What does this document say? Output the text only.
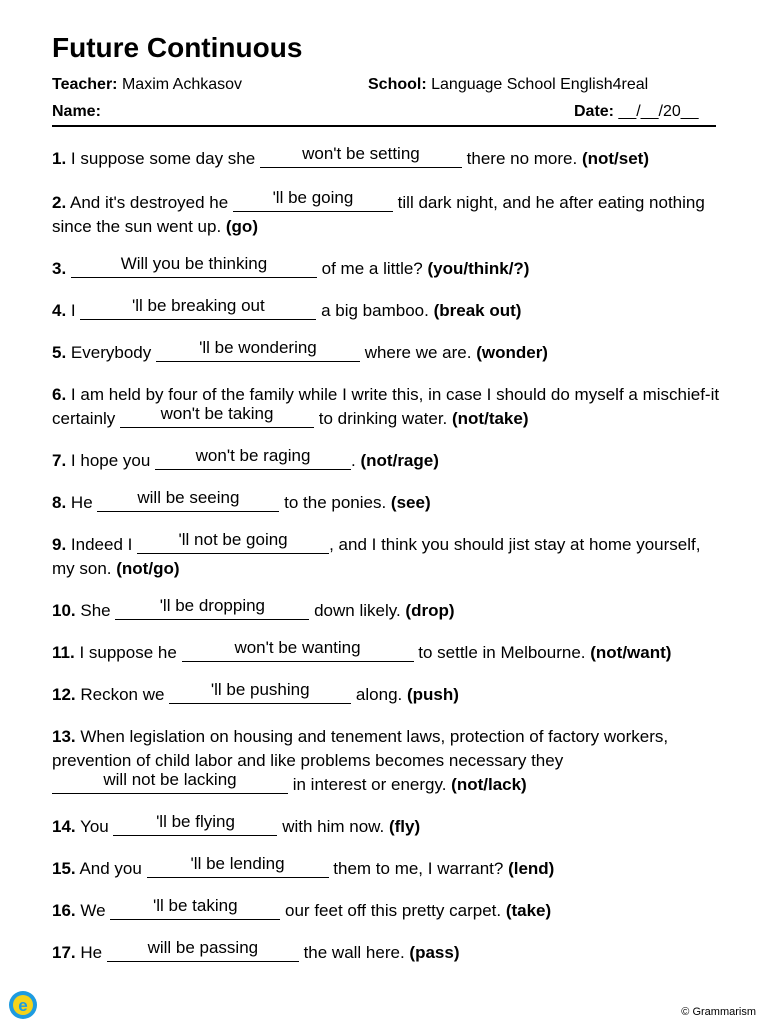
Future Continuous
Teacher: Maxim Achkasov	School: Language School English4real
Name:	Date: __/__/20__

1. I suppose some day she won't be setting there no more. (not/set)

2. And it's destroyed he 'll be going till dark night, and he after eating nothing since the sun went up. (go)

3.	Will you be thinking	of me a little? (you/think/?)

4. I	'll be breaking out	a big bamboo. (break out)

5. Everybody	'll be wondering	where we are. (wonder)

6. I am held by four of the family while I write this, in case I should do myself a mischief-it certainly won't be taking to drinking water. (not/take)

7. I hope you won't be raging . (not/rage)

8. He will be seeing to the ponies. (see)

9. Indeed I 'll not be going , and I think you should jist stay at home yourself, my son. (not/go)

10. She	'll be dropping	down likely. (drop)

11. I suppose he	won't be wanting	to settle in Melbourne. (not/want)

12. Reckon we 'll be pushing along. (push)

13. When legislation on housing and tenement laws, protection of factory workers, prevention of child labor and like problems becomes necessary they will not be lacking	in interest or energy. (not/lack)

14. You	'll be flying	with him now. (fly)

15. And you	'll be lending	them to me, I warrant? (lend)

16. We	'll be taking	our feet off this pretty carpet. (take)

17. He will be passing the wall here. (pass)

e	© Grammarism
